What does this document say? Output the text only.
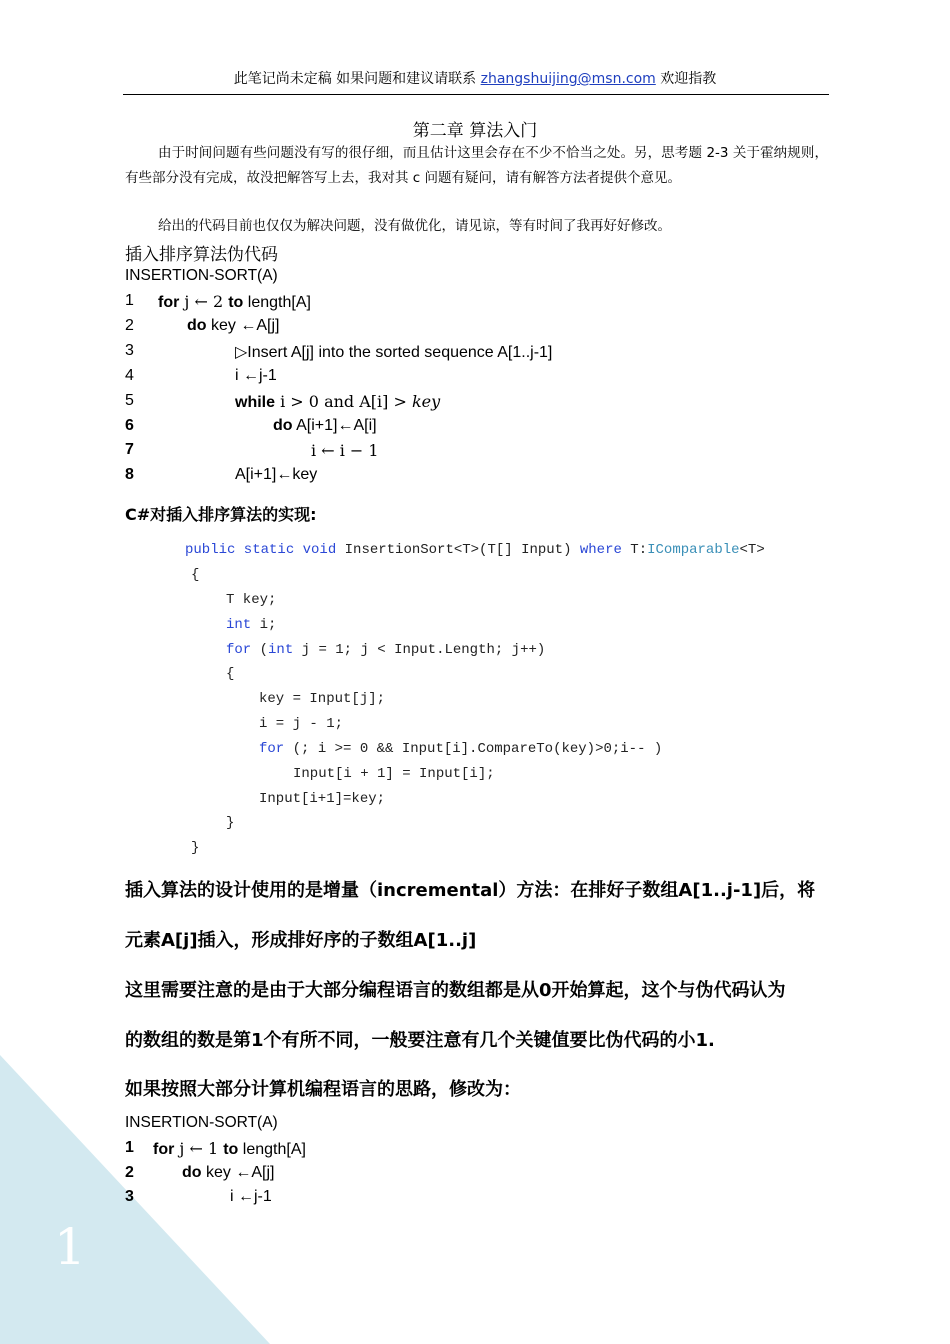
此笔记尚未定稿 如果问题和建议请联系 zhangshuijing@msn.com 欢迎指教
第二章 算法入门
由于时间问题有些问题没有写的很仔细，而且估计这里会存在不少不恰当之处。另，思考题 2-3 关于霍纳规则，有些部分没有完成，故没把解答写上去，我对其 c 问题有疑问，请有解答方法者提供个意见。
给出的代码目前也仅仅为解决问题，没有做优化，请见谅，等有时间了我再好好修改。
插入排序算法伪代码
INSERTION-SORT(A)
1 for j ← 2 to length[A]
2	do key ←A[j]
3	▷Insert A[j] into the sorted sequence A[1..j-1]
4	i ←j-1
5	while i > 0 and A[i] > key
6	do A[i+1]←A[i]
7	i ← i − 1
8	A[i+1]←key
C#对插入排序算法的实现:
public static void InsertionSort<T>(T[] Input) where T:IComparable<T>
{
T key;
int i;
for (int j = 1; j < Input.Length; j++)
{
key = Input[j];
i = j - 1;
for (; i >= 0 && Input[i].CompareTo(key)>0;i-- )
Input[i + 1] = Input[i];
Input[i+1]=key;
}
}
插入算法的设计使用的是增量（incremental）方法：在排好子数组A[1..j-1]后，将
元素A[j]插入，形成排好序的子数组A[1..j]
这里需要注意的是由于大部分编程语言的数组都是从0开始算起，这个与伪代码认为
的数组的数是第1个有所不同，一般要注意有几个关键值要比伪代码的小1.
如果按照大部分计算机编程语言的思路，修改为：
1
INSERTION-SORT(A)
1 for j ← 1 to length[A]
2	do key ←A[j]
3	i ←j-1
